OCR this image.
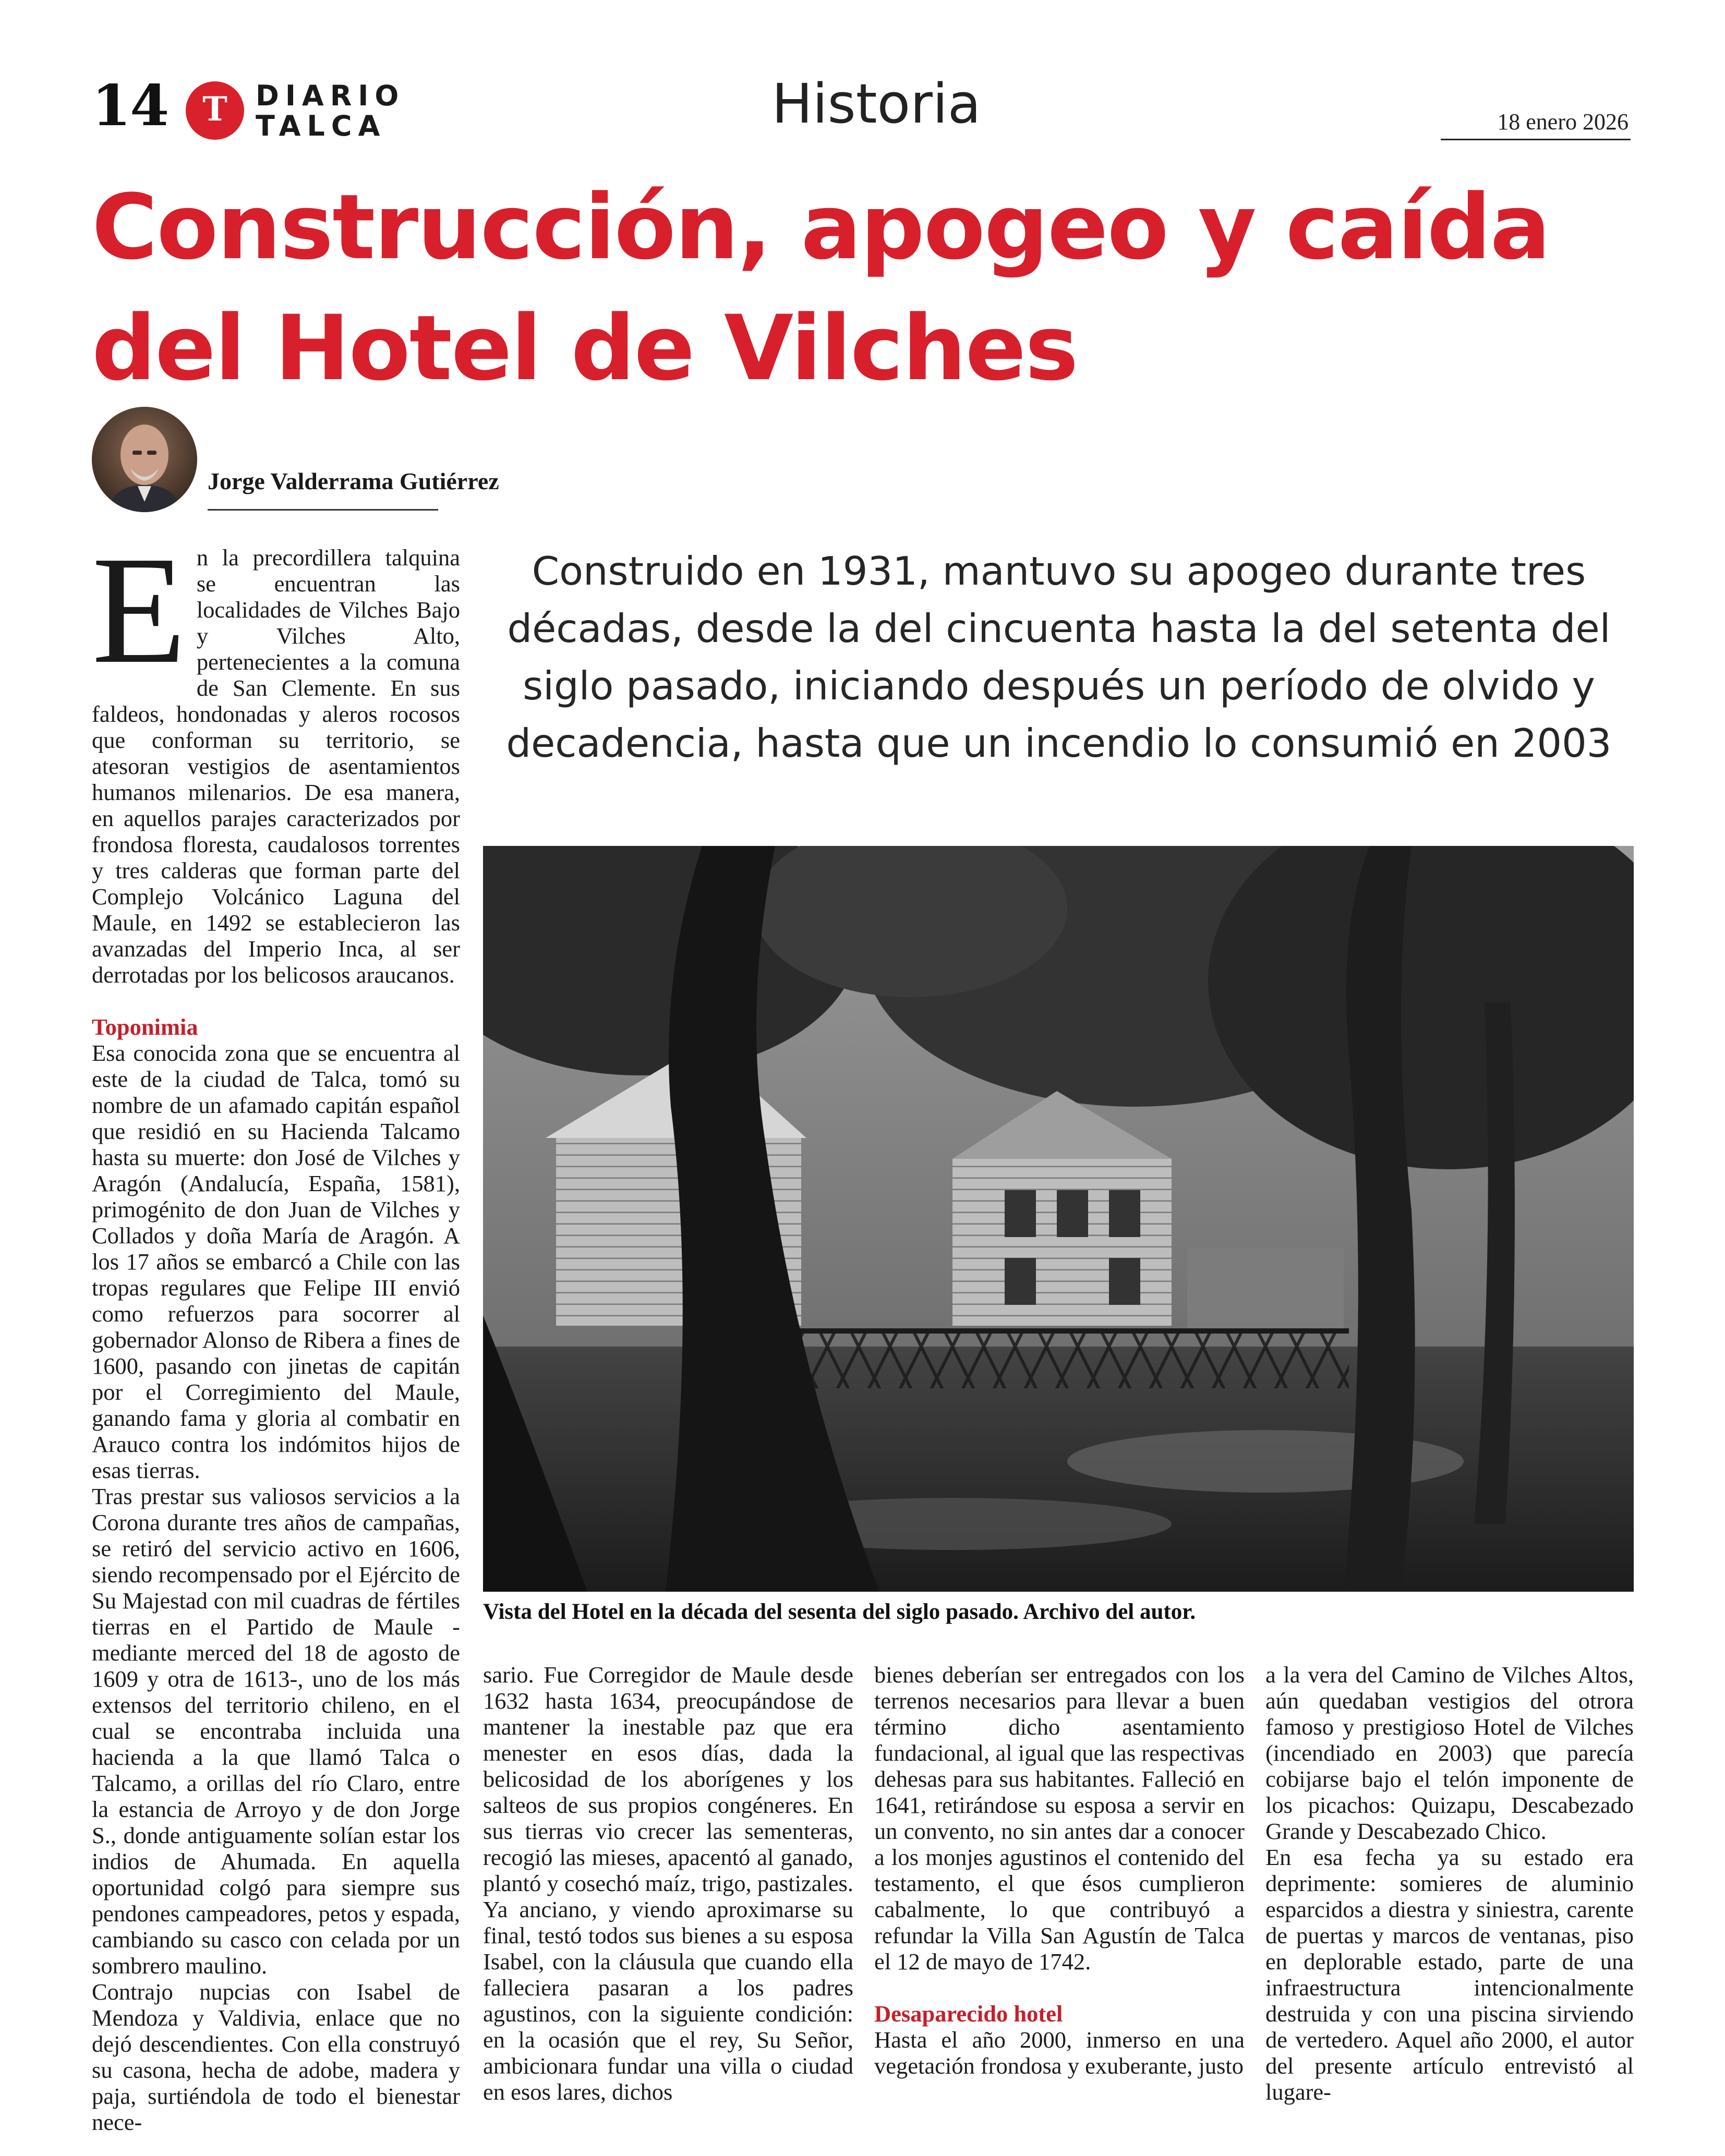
14	T	DIARIO
TALCA	Historia	18 enero 2026
Construcción, apogeo y caída
del Hotel de Vilches
Jorge Valderrama Gutiérrez
Construido en 1931, mantuvo su apogeo durante tres décadas, desde la del cincuenta hasta la del setenta del siglo pasado, iniciando después un período de olvido y decadencia, hasta que un incendio lo consumió en 2003
Vista del Hotel en la década del sesenta del siglo pasado. Archivo del autor.

En la precordillera talquina se encuentran las localidades de Vilches Bajo y Vilches Alto, pertenecientes a la comuna de San Clemente. En sus faldeos, hondonadas y aleros rocosos que conforman su territorio, se atesoran vestigios de asentamientos humanos milenarios. De esa manera, en aquellos parajes caracterizados por frondosa floresta, caudalosos torrentes y tres calderas que forman parte del Complejo Volcánico Laguna del Maule, en 1492 se establecieron las avanzadas del Imperio Inca, al ser derrotadas por los belicosos araucanos.

Toponimia

Esa conocida zona que se encuentra al este de la ciudad de Talca, tomó su nombre de un afamado capitán español que residió en su Hacienda Talcamo hasta su muerte: don José de Vilches y Aragón (Andalucía, España, 1581), primogénito de don Juan de Vilches y Collados y doña María de Aragón. A los 17 años se embarcó a Chile con las tropas regulares que Felipe III envió como refuerzos para socorrer al gobernador Alonso de Ribera a fines de 1600, pasando con jinetas de capitán por el Corregimiento del Maule, ganando fama y gloria al combatir en Arauco contra los indómitos hijos de esas tierras.

Tras prestar sus valiosos servicios a la Corona durante tres años de campañas, se retiró del servicio activo en 1606, siendo recompensado por el Ejército de Su Majestad con mil cuadras de fértiles tierras en el Partido de Maule -mediante merced del 18 de agosto de 1609 y otra de 1613-, uno de los más extensos del territorio chileno, en el cual se encontraba incluida una hacienda a la que llamó Talca o Talcamo, a orillas del río Claro, entre la estancia de Arroyo y de don Jorge S., donde antiguamente solían estar los indios de Ahumada. En aquella oportunidad colgó para siempre sus pendones campeadores, petos y espada, cambiando su casco con celada por un sombrero maulino.

Contrajo nupcias con Isabel de Mendoza y Valdivia, enlace que no dejó descendientes. Con ella construyó su casona, hecha de adobe, madera y paja, surtiéndola de todo el bienestar nece-

sario. Fue Corregidor de Maule desde 1632 hasta 1634, preocupándose de mantener la inestable paz que era menester en esos días, dada la belicosidad de los aborígenes y los salteos de sus propios congéneres. En sus tierras vio crecer las sementeras, recogió las mieses, apacentó al ganado, plantó y cosechó maíz, trigo, pastizales. Ya anciano, y viendo aproximarse su final, testó todos sus bienes a su esposa Isabel, con la cláusula que cuando ella falleciera pasaran a los padres agustinos, con la siguiente condición: en la ocasión que el rey, Su Señor, ambicionara fundar una villa o ciudad en esos lares, dichos

bienes deberían ser entregados con los terrenos necesarios para llevar a buen término dicho asentamiento fundacional, al igual que las respectivas dehesas para sus habitantes. Falleció en 1641, retirándose su esposa a servir en un convento, no sin antes dar a conocer a los monjes agustinos el contenido del testamento, el que ésos cumplieron cabalmente, lo que contribuyó a refundar la Villa San Agustín de Talca el 12 de mayo de 1742.

Desaparecido hotel

Hasta el año 2000, inmerso en una vegetación frondosa y exuberante, justo

a la vera del Camino de Vilches Altos, aún quedaban vestigios del otrora famoso y prestigioso Hotel de Vilches (incendiado en 2003) que parecía cobijarse bajo el telón imponente de los picachos: Quizapu, Descabezado Grande y Descabezado Chico.

En esa fecha ya su estado era deprimente: somieres de aluminio esparcidos a diestra y siniestra, carente de puertas y marcos de ventanas, piso en deplorable estado, parte de una infraestructura intencionalmente destruida y con una piscina sirviendo de vertedero. Aquel año 2000, el autor del presente artículo entrevistó al lugare-
